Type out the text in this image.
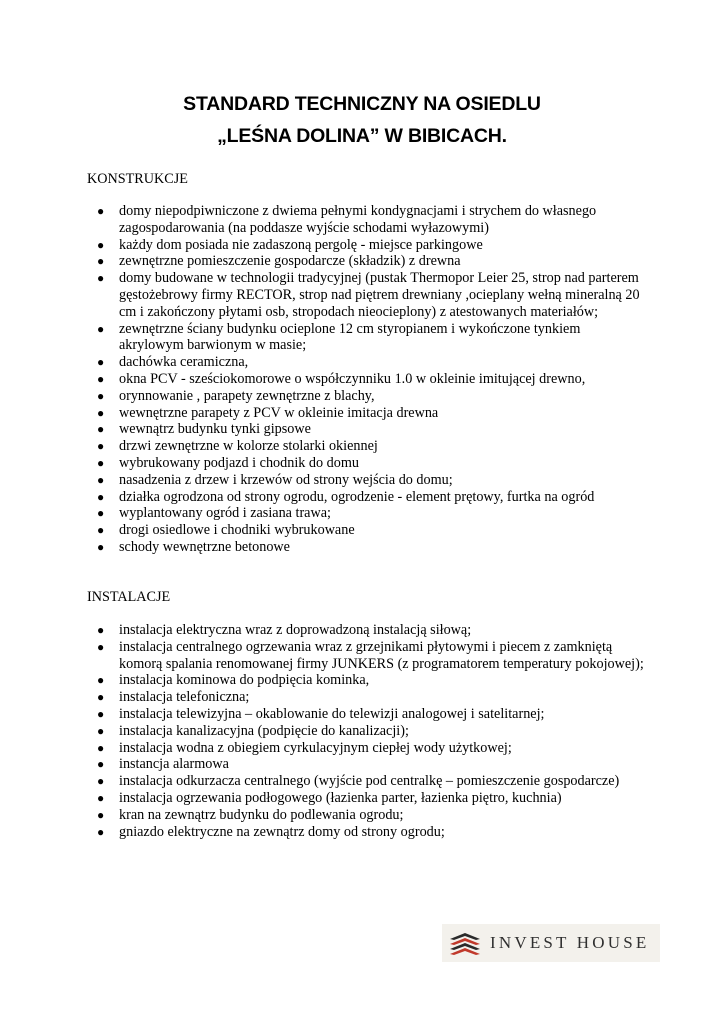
STANDARD TECHNICZNY NA OSIEDLU
„LEŚNA DOLINA” W BIBICACH.
KONSTRUKCJE
● domy niepodpiwniczone z dwiema pełnymi kondygnacjami i strychem do własnego zagospodarowania (na poddasze wyjście schodami wyłazowymi)
● każdy dom posiada nie zadaszoną pergolę - miejsce parkingowe
● zewnętrzne pomieszczenie gospodarcze (składzik) z drewna
● domy budowane w technologii tradycyjnej (pustak Thermopor Leier 25, strop nad parterem gęstożebrowy firmy RECTOR, strop nad piętrem drewniany ,ocieplany wełną mineralną 20 cm i zakończony płytami osb, stropodach nieocieplony) z atestowanych materiałów;
● zewnętrzne ściany budynku ocieplone 12 cm styropianem i wykończone tynkiem akrylowym barwionym w masie;
● dachówka ceramiczna,
● okna PCV - sześciokomorowe o współczynniku 1.0 w okleinie imitującej drewno,
● orynnowanie , parapety zewnętrzne z blachy,
● wewnętrzne parapety z PCV w okleinie imitacja drewna
● wewnątrz budynku tynki gipsowe
● drzwi zewnętrzne w kolorze stolarki okiennej
● wybrukowany podjazd i chodnik do domu
● nasadzenia z drzew i krzewów od strony wejścia do domu;
● działka ogrodzona od strony ogrodu, ogrodzenie - element prętowy, furtka na ogród
● wyplantowany ogród i zasiana trawa;
● drogi osiedlowe i chodniki wybrukowane
● schody wewnętrzne betonowe
INSTALACJE
● instalacja elektryczna wraz z doprowadzoną instalacją siłową;
● instalacja centralnego ogrzewania wraz z grzejnikami płytowymi i piecem z zamkniętą komorą spalania renomowanej firmy JUNKERS (z programatorem temperatury pokojowej);
● instalacja kominowa do podpięcia kominka,
● instalacja telefoniczna;
● instalacja telewizyjna – okablowanie do telewizji analogowej i satelitarnej;
● instalacja kanalizacyjna (podpięcie do kanalizacji);
● instalacja wodna z obiegiem cyrkulacyjnym ciepłej wody użytkowej;
● instancja alarmowa
● instalacja odkurzacza centralnego (wyjście pod centralkę – pomieszczenie gospodarcze)
● instalacja ogrzewania podłogowego (łazienka parter, łazienka piętro, kuchnia)
● kran na zewnątrz budynku do podlewania ogrodu;
● gniazdo elektryczne na zewnątrz domy od strony ogrodu;
INVEST HOUSE
